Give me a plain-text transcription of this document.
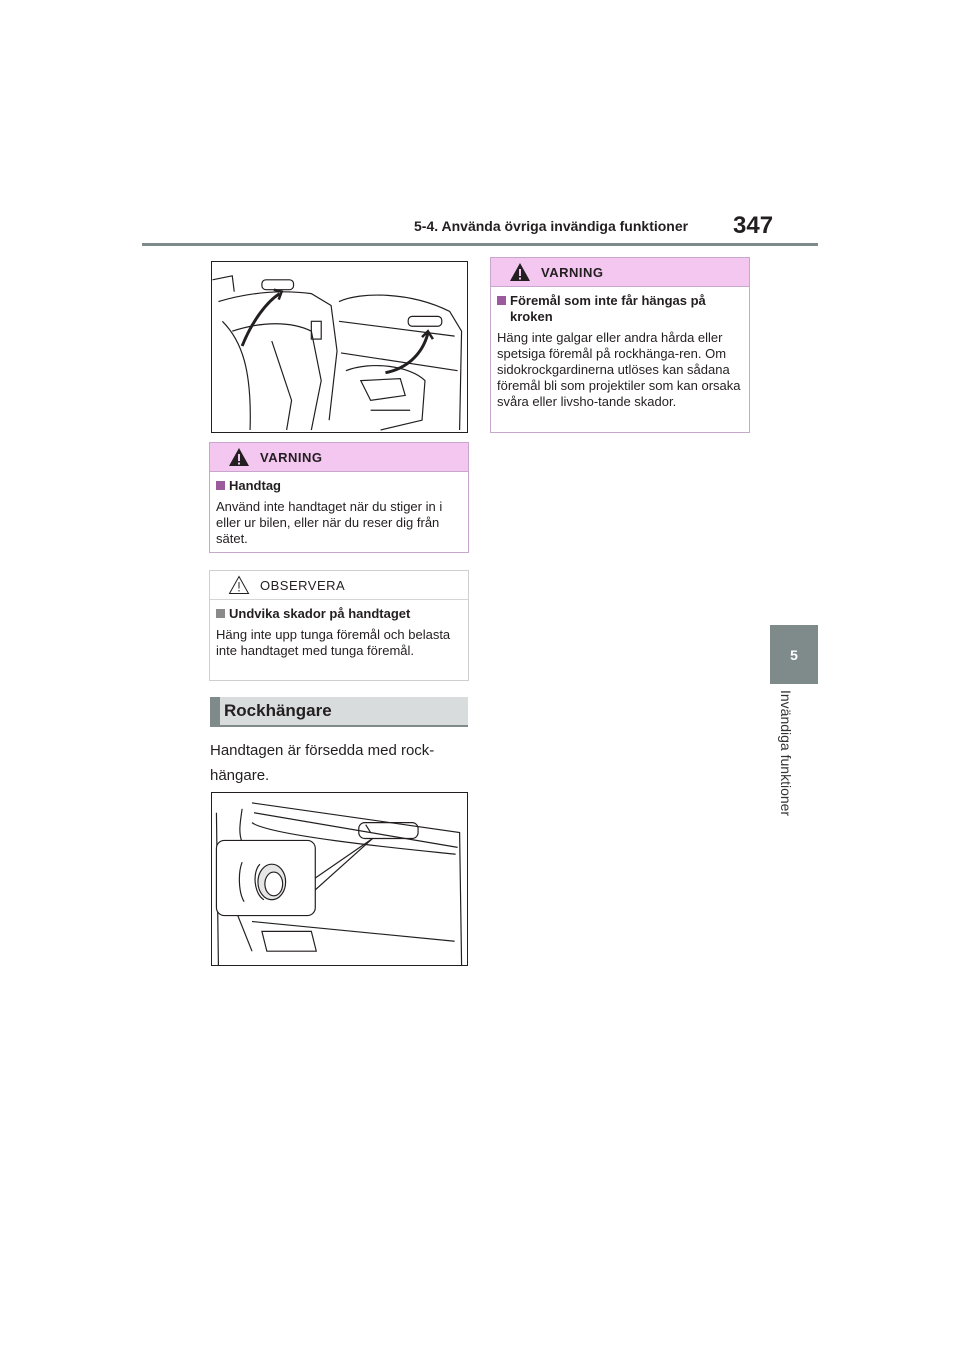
5-4. Använda övriga invändiga funktioner 347
5
Invändiga funktioner
VARNING
Handtag
Använd inte handtaget när du stiger in i eller ur bilen, eller när du reser dig från sätet.
OBSERVERA
Undvika skador på handtaget
Häng inte upp tunga föremål och belasta inte handtaget med tunga föremål.
Rockhängare
Handtagen är försedda med rock-hängare.
VARNING
Föremål som inte får hängas på kroken
Häng inte galgar eller andra hårda eller spetsiga föremål på rockhänga-ren. Om sidokrockgardinerna utlöses kan sådana föremål bli som projektiler som kan orsaka svåra eller livsho-tande skador.
